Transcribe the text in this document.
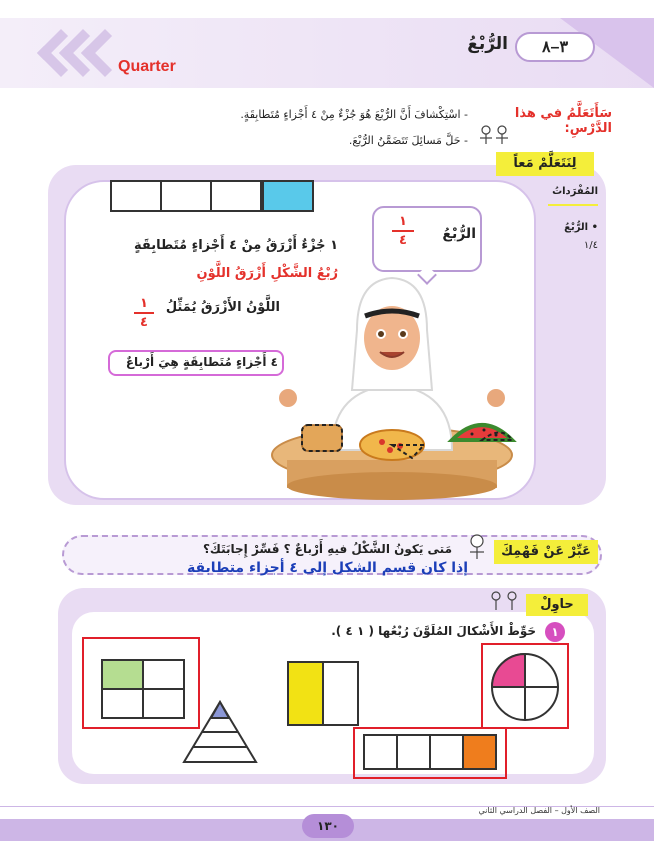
Quarter
الرُّبْعُ	٣–٨
سَأَتَعَلَّمُ في هذا الدَّرْسِ:
- اسْتِكْشافَ أَنَّ الرُّبْعَ هُوَ جُزْءٌ مِنْ ٤ أَجْزاءٍ مُتَطابِقَةٍ.
- حَلَّ مَسائِلَ تَتَضَمَّنُ الرُّبْعَ.
لِنَتَعَلَّمْ مَعاً
المُفْرَداتُ
• الرُّبْعُ
١/٤
الرُّبْعُ
١
٤
١ جُزْءٌ أَزْرَقُ مِنْ ٤ أَجْزاءٍ مُتَطابِقَةٍ
رُبْعُ الشَّكْلِ أَزْرَقُ اللَّوْنِ
اللَّوْنُ الأَزْرَقُ يُمَثِّلُ
١
٤
٤ أَجْزاءٍ مُتَطابِقَةٍ هِيَ أَرْباعٌ
عَبِّرْ عَنْ فَهْمِكَ
مَتى يَكونُ الشَّكْلُ فيهِ أَرْباعٌ ؟ فَسِّرْ إِجابَتَكَ؟
إذا كان قسم الشكل إلى ٤ أجزاء متطابقة
حاوِلْ
١
حَوِّطْ الأَشْكالَ المُلَوَّنَ رُبْعُها ( ١ ٤ ).
الصف الأول – الفصل الدراسي الثاني
١٣٠
